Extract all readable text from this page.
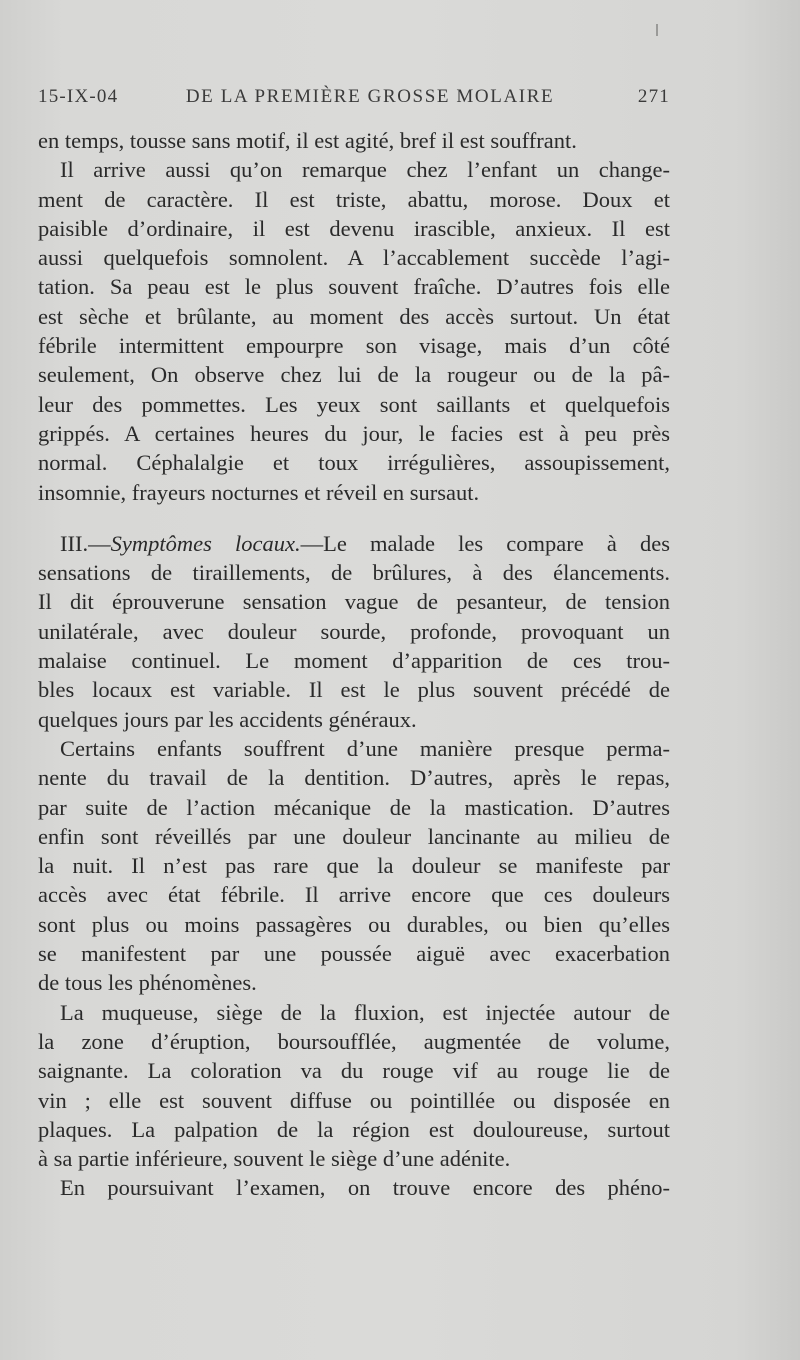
15-IX-04	DE LA PREMIÈRE GROSSE MOLAIRE	271
en temps, tousse sans motif, il est agité, bref il est souffrant.
Il arrive aussi qu’on remarque chez l’enfant un change-
ment de caractère. Il est triste, abattu, morose. Doux et
paisible d’ordinaire, il est devenu irascible, anxieux. Il est
aussi quelquefois somnolent. A l’accablement succède l’agi-
tation. Sa peau est le plus souvent fraîche. D’autres fois elle
est sèche et brûlante, au moment des accès surtout. Un état
fébrile intermittent empourpre son visage, mais d’un côté
seulement, On observe chez lui de la rougeur ou de la pâ-
leur des pommettes. Les yeux sont saillants et quelquefois
grippés. A certaines heures du jour, le facies est à peu près
normal. Céphalalgie et toux irrégulières, assoupissement,
insomnie, frayeurs nocturnes et réveil en sursaut.
III.—Symptômes locaux.—Le malade les compare à des
sensations de tiraillements, de brûlures, à des élancements.
Il dit éprouverune sensation vague de pesanteur, de tension
unilatérale, avec douleur sourde, profonde, provoquant un
malaise continuel. Le moment d’apparition de ces trou-
bles locaux est variable. Il est le plus souvent précédé de
quelques jours par les accidents généraux.
Certains enfants souffrent d’une manière presque perma-
nente du travail de la dentition. D’autres, après le repas,
par suite de l’action mécanique de la mastication. D’autres
enfin sont réveillés par une douleur lancinante au milieu de
la nuit. Il n’est pas rare que la douleur se manifeste par
accès avec état fébrile. Il arrive encore que ces douleurs
sont plus ou moins passagères ou durables, ou bien qu’elles
se manifestent par une poussée aiguë avec exacerbation
de tous les phénomènes.
La muqueuse, siège de la fluxion, est injectée autour de
la zone d’éruption, boursoufflée, augmentée de volume,
saignante. La coloration va du rouge vif au rouge lie de
vin ; elle est souvent diffuse ou pointillée ou disposée en
plaques. La palpation de la région est douloureuse, surtout
à sa partie inférieure, souvent le siège d’une adénite.
En poursuivant l’examen, on trouve encore des phéno-
